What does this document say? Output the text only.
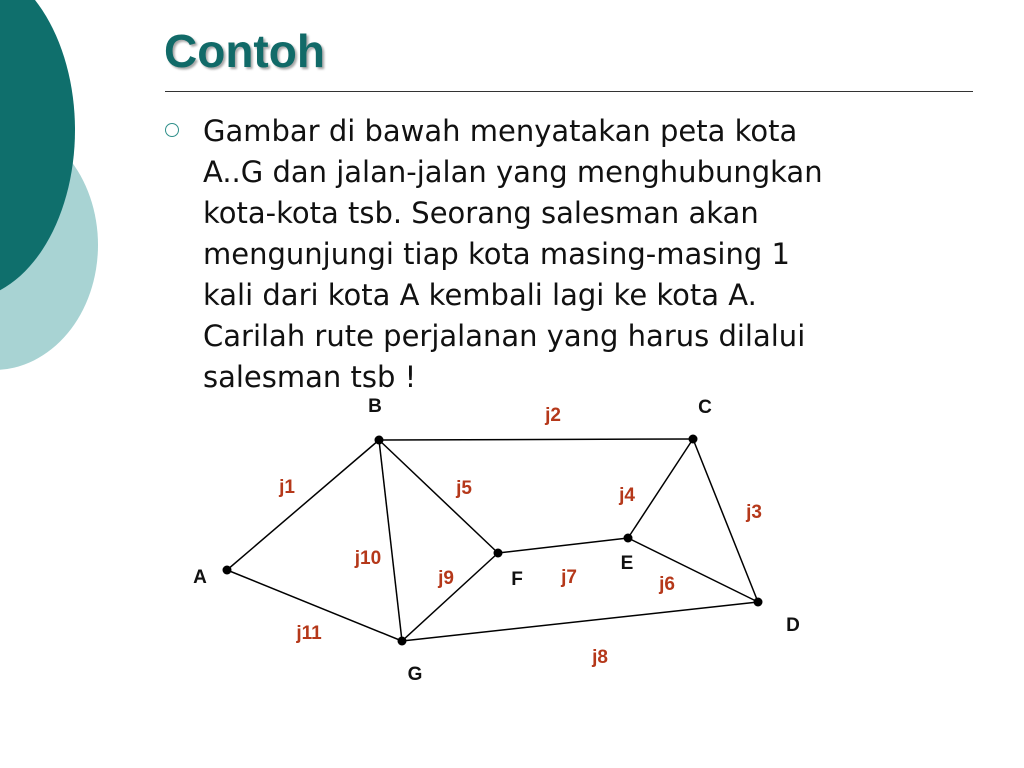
Contoh
Gambar di bawah menyatakan peta kota
A..G dan jalan-jalan yang menghubungkan
kota-kota tsb. Seorang salesman akan
mengunjungi tiap kota masing-masing 1
kali dari kota A kembali lagi ke kota A.
Carilah rute perjalanan yang harus dilalui
salesman tsb !
j1
j2
j3
j4
j5
j6
j7
j8
j9
j10
j11
A
B	C
D
E
F
G
